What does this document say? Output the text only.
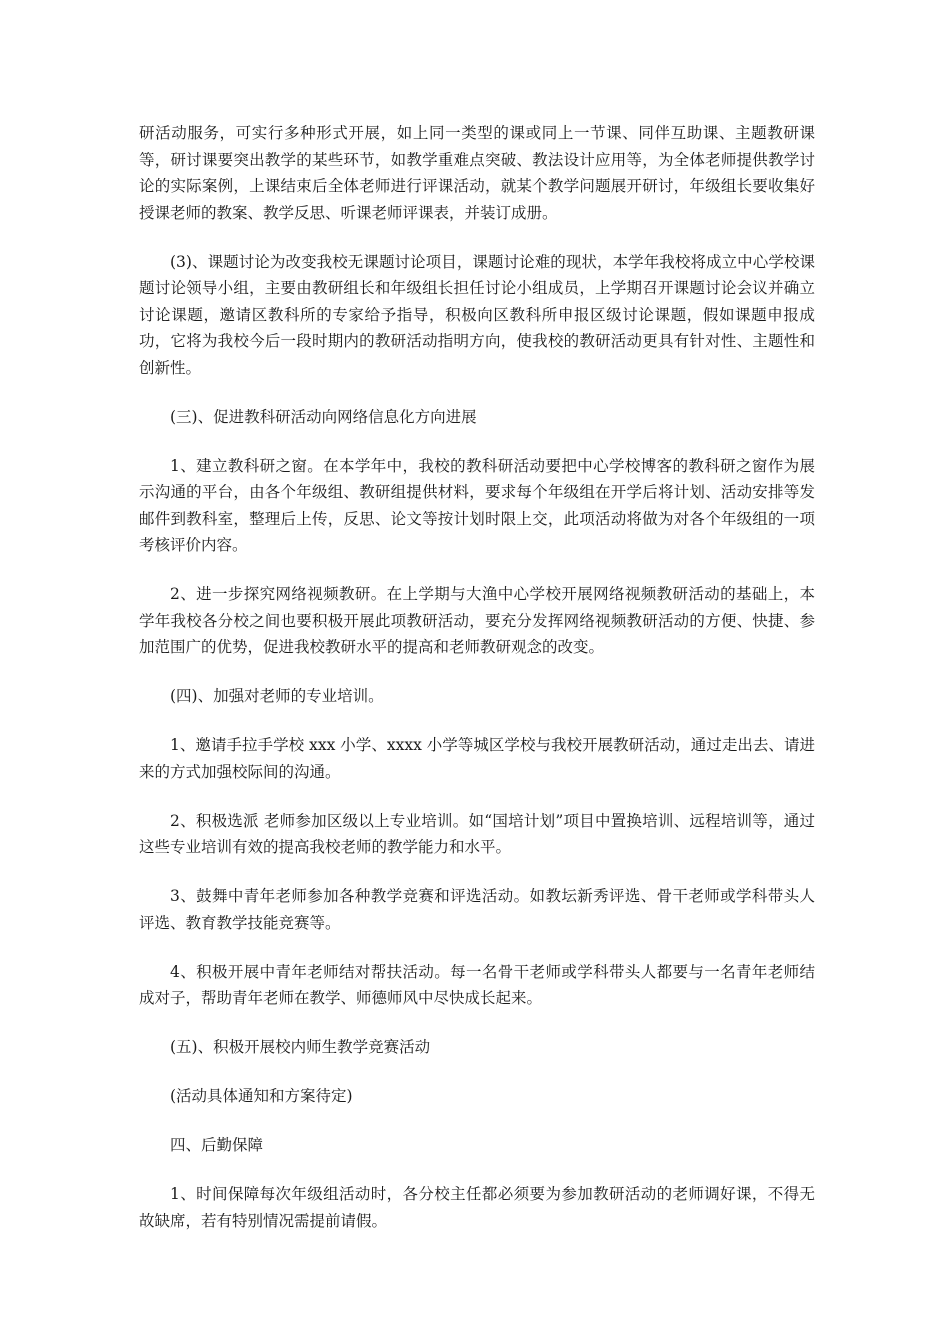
研活动服务，可实行多种形式开展，如上同一类型的课或同上一节课、同伴互助课、主题教研课等，研讨课要突出教学的某些环节，如教学重难点突破、教法设计应用等，为全体老师提供教学讨论的实际案例，上课结束后全体老师进行评课活动，就某个教学问题展开研讨，年级组长要收集好授课老师的教案、教学反思、听课老师评课表，并装订成册。

(3)、课题讨论为改变我校无课题讨论项目，课题讨论难的现状，本学年我校将成立中心学校课题讨论领导小组，主要由教研组长和年级组长担任讨论小组成员，上学期召开课题讨论会议并确立讨论课题，邀请区教科所的专家给予指导，积极向区教科所申报区级讨论课题，假如课题申报成功，它将为我校今后一段时期内的教研活动指明方向，使我校的教研活动更具有针对性、主题性和创新性。

(三)、促进教科研活动向网络信息化方向进展

1、建立教科研之窗。在本学年中，我校的教科研活动要把中心学校博客的教科研之窗作为展示沟通的平台，由各个年级组、教研组提供材料，要求每个年级组在开学后将计划、活动安排等发邮件到教科室，整理后上传，反思、论文等按计划时限上交，此项活动将做为对各个年级组的一项考核评价内容。

2、进一步探究网络视频教研。在上学期与大渔中心学校开展网络视频教研活动的基础上，本学年我校各分校之间也要积极开展此项教研活动，要充分发挥网络视频教研活动的方便、快捷、参加范围广的优势，促进我校教研水平的提高和老师教研观念的改变。

(四)、加强对老师的专业培训。

1、邀请手拉手学校 xxx 小学、xxxx 小学等城区学校与我校开展教研活动，通过走出去、请进来的方式加强校际间的沟通。

2、积极选派 老师参加区级以上专业培训。如“国培计划”项目中置换培训、远程培训等，通过这些专业培训有效的提高我校老师的教学能力和水平。

3、鼓舞中青年老师参加各种教学竞赛和评选活动。如教坛新秀评选、骨干老师或学科带头人评选、教育教学技能竞赛等。

4、积极开展中青年老师结对帮扶活动。每一名骨干老师或学科带头人都要与一名青年老师结成对子，帮助青年老师在教学、师德师风中尽快成长起来。

(五)、积极开展校内师生教学竞赛活动

(活动具体通知和方案待定)

四、后勤保障

1、时间保障每次年级组活动时，各分校主任都必须要为参加教研活动的老师调好课，不得无故缺席，若有特别情况需提前请假。
